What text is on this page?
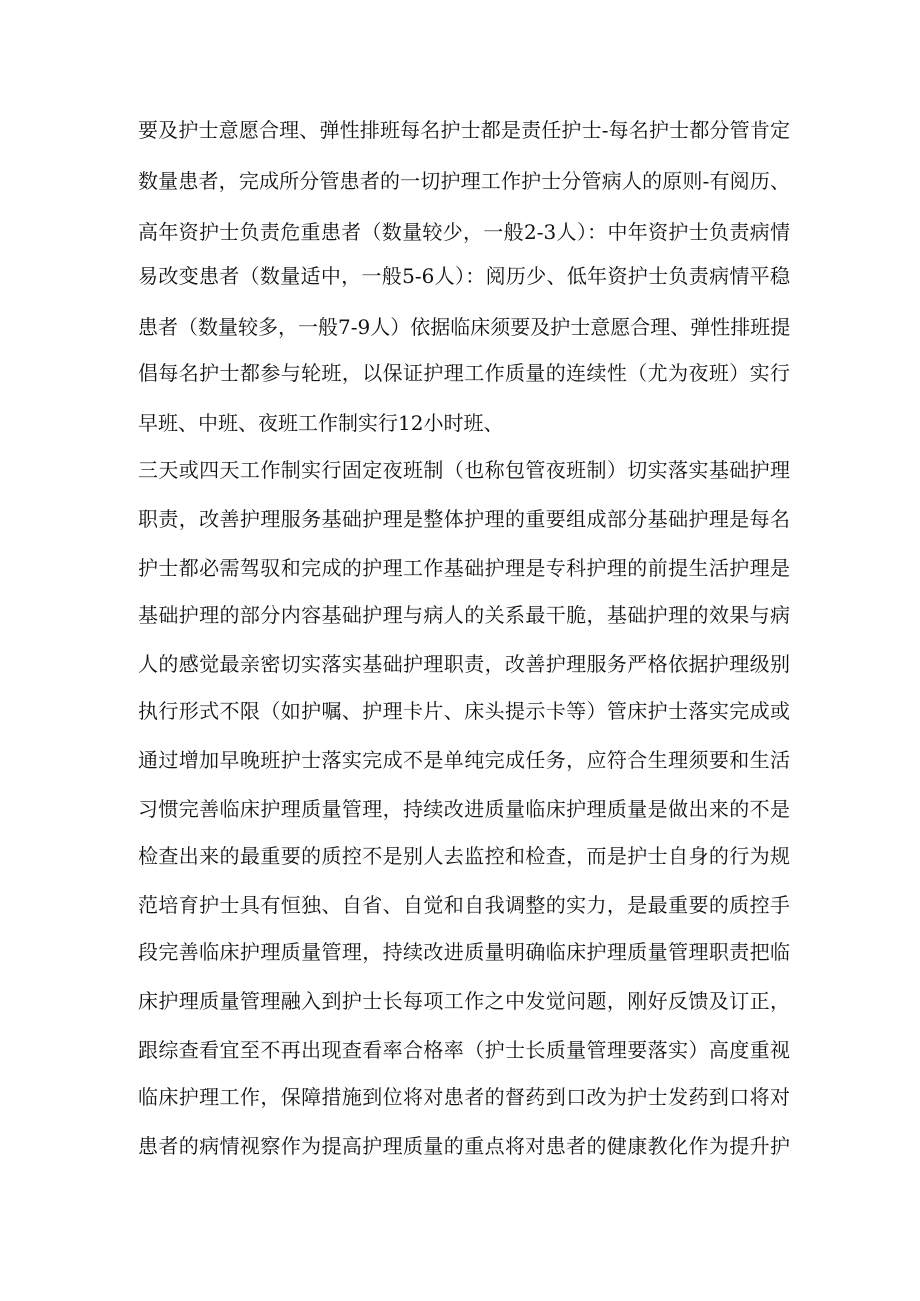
要及护士意愿合理、弹性排班每名护士都是责任护士-每名护士都分管肯定
数量患者，完成所分管患者的一切护理工作护士分管病人的原则-有阅历、
高年资护士负责危重患者（数量较少，一般2-3人）：中年资护士负责病情
易改变患者（数量适中，一般5-6人）：阅历少、低年资护士负责病情平稳
患者（数量较多，一般7-9人）依据临床须要及护士意愿合理、弹性排班提
倡每名护士都参与轮班，以保证护理工作质量的连续性（尤为夜班）实行
早班、中班、夜班工作制实行12小时班、
三天或四天工作制实行固定夜班制（也称包管夜班制）切实落实基础护理
职责，改善护理服务基础护理是整体护理的重要组成部分基础护理是每名
护士都必需驾驭和完成的护理工作基础护理是专科护理的前提生活护理是
基础护理的部分内容基础护理与病人的关系最干脆，基础护理的效果与病
人的感觉最亲密切实落实基础护理职责，改善护理服务严格依据护理级别
执行形式不限（如护嘱、护理卡片、床头提示卡等）管床护士落实完成或
通过增加早晚班护士落实完成不是单纯完成任务，应符合生理须要和生活
习惯完善临床护理质量管理，持续改进质量临床护理质量是做出来的不是
检查出来的最重要的质控不是别人去监控和检查，而是护士自身的行为规
范培育护士具有恒独、自省、自觉和自我调整的实力，是最重要的质控手
段完善临床护理质量管理，持续改进质量明确临床护理质量管理职责把临
床护理质量管理融入到护士长每项工作之中发觉问题，刚好反馈及订正，
跟综查看宜至不再出现查看率合格率（护士长质量管理要落实）高度重视
临床护理工作，保障措施到位将对患者的督药到口改为护士发药到口将对
患者的病情视察作为提高护理质量的重点将对患者的健康教化作为提升护
